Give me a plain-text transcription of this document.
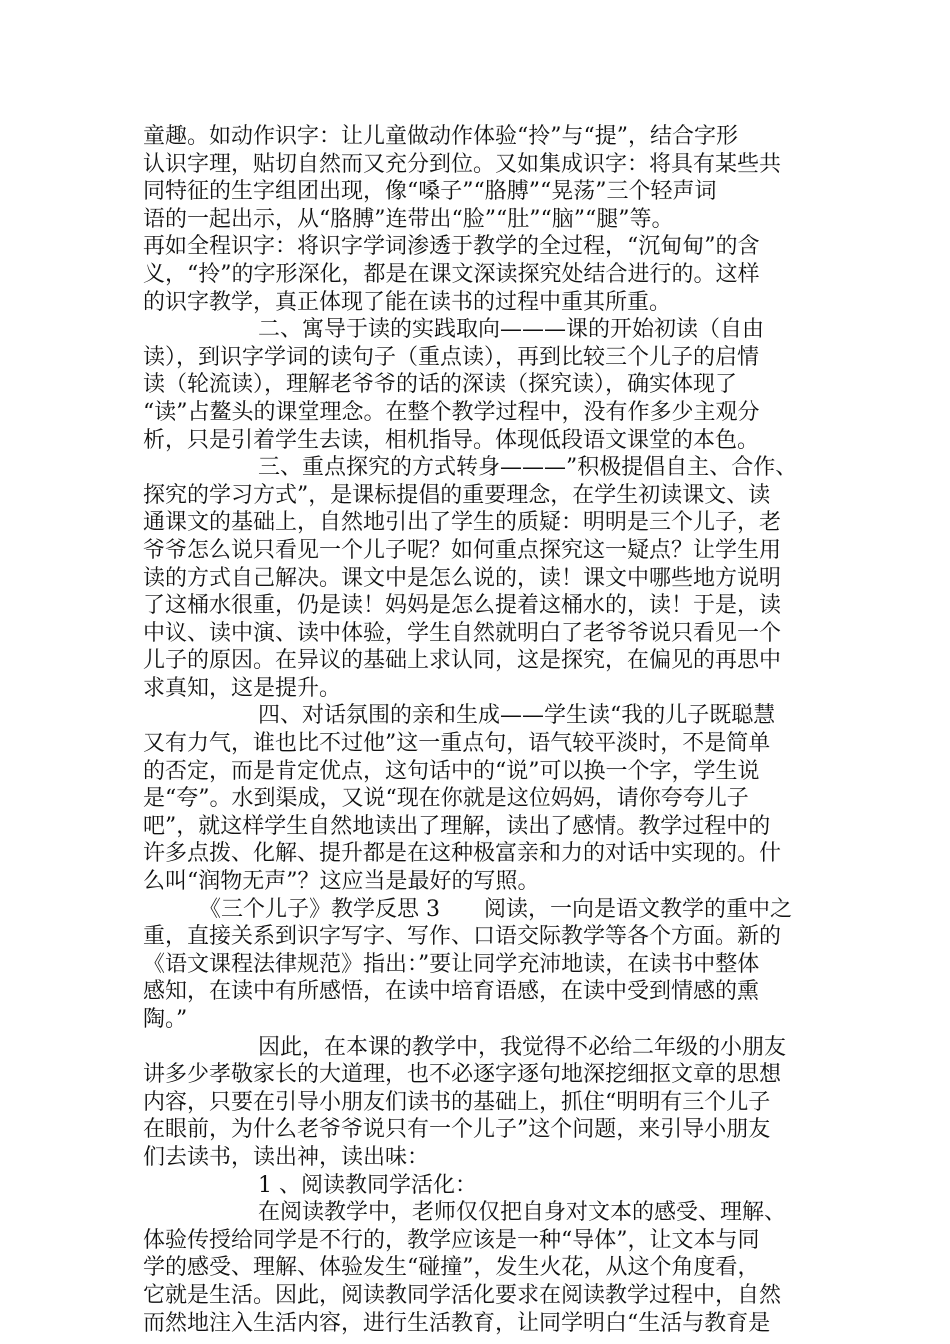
童趣。如动作识字：让儿童做动作体验“拎”与“提”，结合字形
认识字理，贴切自然而又充分到位。又如集成识字：将具有某些共
同特征的生字组团出现，像“嗓子”“胳膊”“晃荡”三个轻声词
语的一起出示，从“胳膊”连带出“脸”“肚”“脑”“腿”等。
再如全程识字：将识字学词渗透于教学的全过程，“沉甸甸”的含
义，“拎”的字形深化，都是在课文深读探究处结合进行的。这样
的识字教学，真正体现了能在读书的过程中重其所重。
二、寓导于读的实践取向———课的开始初读（自由
读），到识字学词的读句子（重点读），再到比较三个儿子的启情
读（轮流读），理解老爷爷的话的深读（探究读），确实体现了
“读”占鳌头的课堂理念。在整个教学过程中，没有作多少主观分
析，只是引着学生去读，相机指导。体现低段语文课堂的本色。
三、重点探究的方式转身———”积极提倡自主、合作、
探究的学习方式”，是课标提倡的重要理念，在学生初读课文、读
通课文的基础上，自然地引出了学生的质疑：明明是三个儿子，老
爷爷怎么说只看见一个儿子呢？如何重点探究这一疑点？让学生用
读的方式自己解决。课文中是怎么说的，读！课文中哪些地方说明
了这桶水很重，仍是读！妈妈是怎么提着这桶水的，读！于是，读
中议、读中演、读中体验，学生自然就明白了老爷爷说只看见一个
儿子的原因。在异议的基础上求认同，这是探究，在偏见的再思中
求真知，这是提升。
四、对话氛围的亲和生成——学生读“我的儿子既聪慧
又有力气，谁也比不过他”这一重点句，语气较平淡时，不是简单
的否定，而是肯定优点，这句话中的“说”可以换一个字，学生说
是“夸”。水到渠成，又说“现在你就是这位妈妈，请你夸夸儿子
吧”，就这样学生自然地读出了理解，读出了感情。教学过程中的
许多点拨、化解、提升都是在这种极富亲和力的对话中实现的。什
么叫“润物无声”？这应当是最好的写照。
《三个儿子》教学反思 3　　阅读，一向是语文教学的重中之
重，直接关系到识字写字、写作、口语交际教学等各个方面。新的
《语文课程法律规范》指出：”要让同学充沛地读，在读书中整体
感知，在读中有所感悟，在读中培育语感，在读中受到情感的熏
陶。”
因此，在本课的教学中，我觉得不必给二年级的小朋友
讲多少孝敬家长的大道理，也不必逐字逐句地深挖细抠文章的思想
内容，只要在引导小朋友们读书的基础上，抓住“明明有三个儿子
在眼前，为什么老爷爷说只有一个儿子”这个问题，来引导小朋友
们去读书，读出神，读出味：
1 、阅读教同学活化：
在阅读教学中，老师仅仅把自身对文本的感受、理解、
体验传授给同学是不行的，教学应该是一种“导体”，让文本与同
学的感受、理解、体验发生“碰撞”，发生火花，从这个角度看，
它就是生活。因此，阅读教同学活化要求在阅读教学过程中，自然
而然地注入生活内容，进行生活教育，让同学明白“生活与教育是
